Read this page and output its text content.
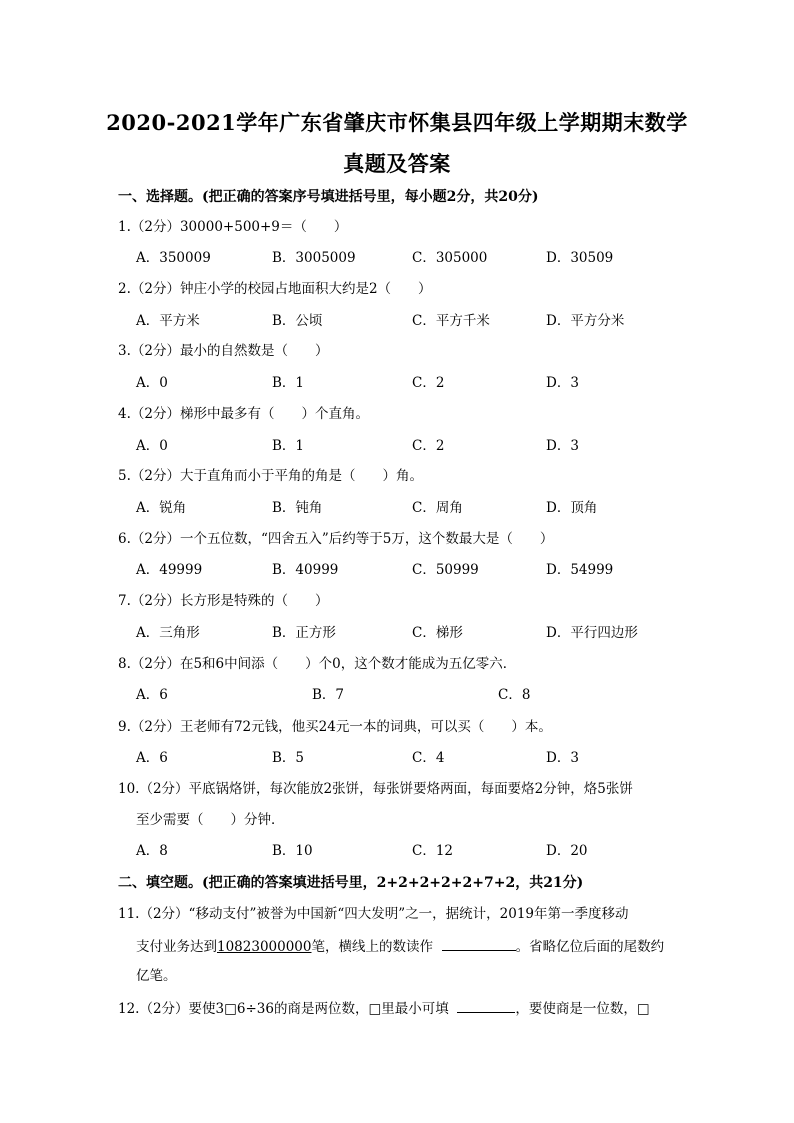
2020-2021学年广东省肇庆市怀集县四年级上学期期末数学
真题及答案
一、选择题。(把正确的答案序号填进括号里，每小题2分，共20分)
1.（2分）30000+500+9＝（　　）
A．350009	B．3005009	C．305000	D．30509
2.（2分）钟庄小学的校园占地面积大约是2（　　）
A．平方米	B．公顷	C．平方千米	D．平方分米
3.（2分）最小的自然数是（　　）
A．0	B．1	C．2	D．3
4.（2分）梯形中最多有（　　）个直角。
A．0	B．1	C．2	D．3
5.（2分）大于直角而小于平角的角是（　　）角。
A．锐角	B．钝角	C．周角	D．顶角
6.（2分）一个五位数，“四舍五入”后约等于5万，这个数最大是（　　）
A．49999	B．40999	C．50999	D．54999
7.（2分）长方形是特殊的（　　）
A．三角形	B．正方形	C．梯形	D．平行四边形
8.（2分）在5和6中间添（　　）个0，这个数才能成为五亿零六．
A．6	B．7	C．8
9.（2分）王老师有72元钱，他买24元一本的词典，可以买（　　）本。
A．6	B．5	C．4	D．3
10.（2分）平底锅烙饼，每次能放2张饼，每张饼要烙两面，每面要烙2分钟，烙5张饼
至少需要（　　）分钟．
A．8	B．10	C．12	D．20
二、填空题。(把正确的答案填进括号里，2+2+2+2+2+7+2，共21分)
11.（2分）“移动支付”被誉为中国新“四大发明”之一，据统计，2019年第一季度移动
支付业务达到10823000000笔，横线上的数读作	。省略亿位后面的尾数约
亿笔。
12.（2分）要使3□6÷36的商是两位数，□里最小可填	，要使商是一位数，□
